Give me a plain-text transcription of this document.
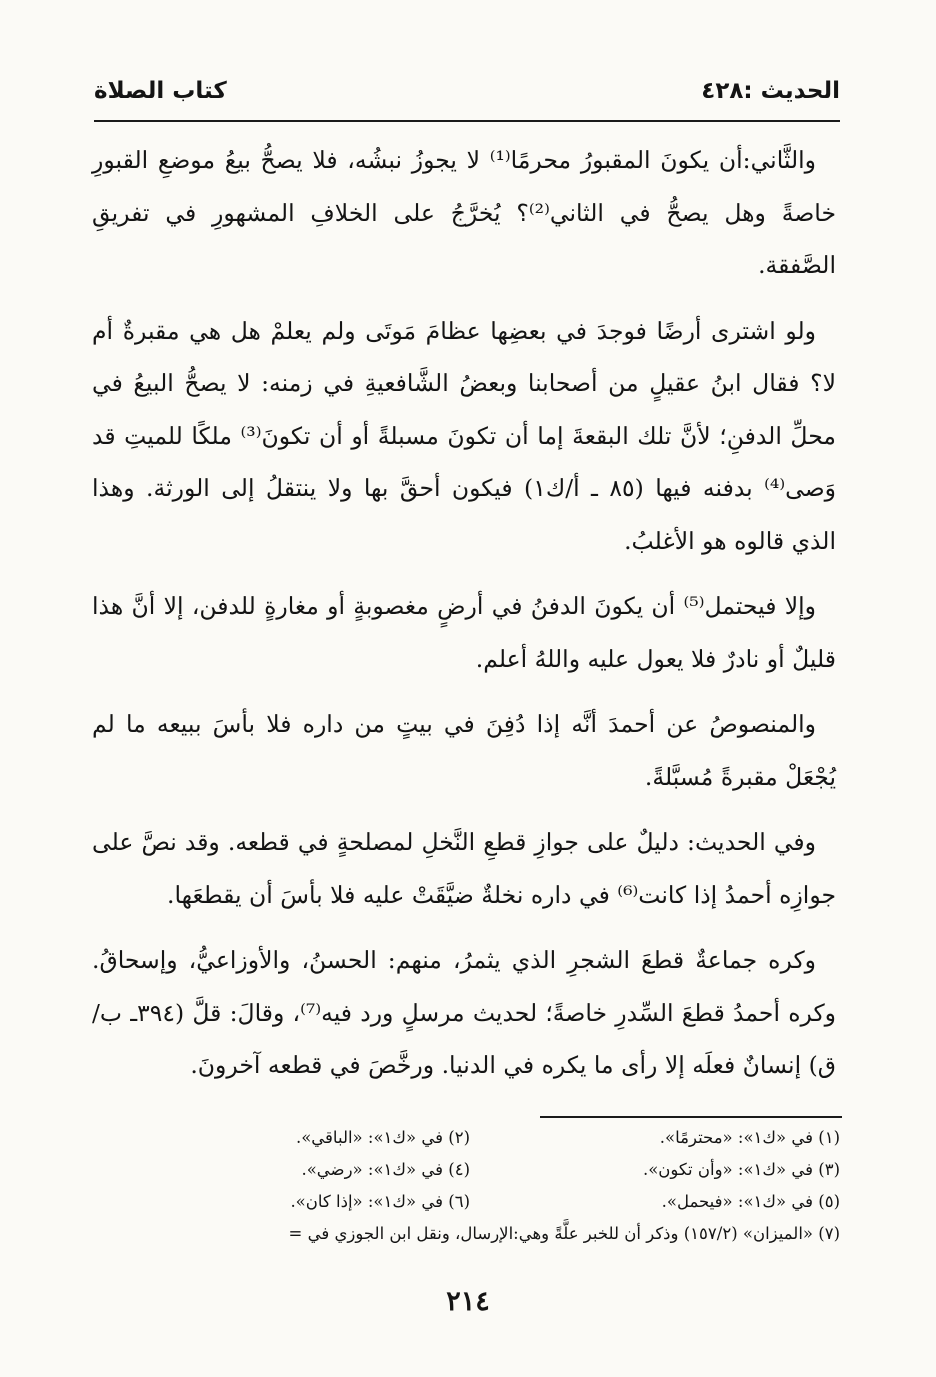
الحديث :٤٢٨
كتاب الصلاة

والثَّاني:أن يكونَ المقبورُ محرمًا⁽¹⁾ لا يجوزُ نبشُه، فلا يصحُّ بيعُ موضعِ القبورِ خاصةً وهل يصحُّ في الثاني⁽²⁾؟ يُخرَّجُ على الخلافِ المشهورِ في تفريقِ الصَّفقة.

ولو اشترى أرضًا فوجدَ في بعضِها عظامَ مَوتَى ولم يعلمْ هل هي مقبرةٌ أم لا؟ فقال ابنُ عقيلٍ من أصحابنا وبعضُ الشَّافعيةِ في زمنه: لا يصحُّ البيعُ في محلِّ الدفنِ؛ لأنَّ تلك البقعةَ إما أن تكونَ مسبلةً أو أن تكونَ⁽³⁾ ملكًا للميتِ قد وَصى⁽⁴⁾ بدفنه فيها (٨٥ ـ أ/ك١) فيكون أحقَّ بها ولا ينتقلُ إلى الورثة. وهذا الذي قالوه هو الأغلبُ.

وإلا فيحتمل⁽⁵⁾ أن يكونَ الدفنُ في أرضٍ مغصوبةٍ أو مغارةٍ للدفن، إلا أنَّ هذا قليلٌ أو نادرٌ فلا يعول عليه واللهُ أعلم.

والمنصوصُ عن أحمدَ أنَّه إذا دُفِنَ في بيتٍ من داره فلا بأسَ ببيعه ما لم يُجْعَلْ مقبرةً مُسبَّلةً.

وفي الحديث: دليلٌ على جوازِ قطعِ النَّخلِ لمصلحةٍ في قطعه. وقد نصَّ على جوازِه أحمدُ إذا كانت⁽⁶⁾ في داره نخلةٌ ضيَّقَتْ عليه فلا بأسَ أن يقطعَها.

وكره جماعةٌ قطعَ الشجرِ الذي يثمرُ، منهم: الحسنُ، والأوزاعيُّ، وإسحاقُ. وكره أحمدُ قطعَ السِّدرِ خاصةً؛ لحديث مرسلٍ ورد فيه⁽⁷⁾، وقالَ: قلَّ (٣٩٤ـ ب/ق) إنسانٌ فعلَه إلا رأى ما يكره في الدنيا. ورخَّصَ في قطعه آخرونَ.

(١) في «ك١»: «محترمًا».
(٢) في «ك١»: «الباقي».
(٣) في «ك١»: «وأن تكون».
(٤) في «ك١»: «رضي».
(٥) في «ك١»: «فيحمل».
(٦) في «ك١»: «إذا كان».
(٧) «الميزان» (١٥٧/٢) وذكر أن للخبر علَّةً وهي:الإرسال، ونقل ابن الجوزي في =
٢١٤
